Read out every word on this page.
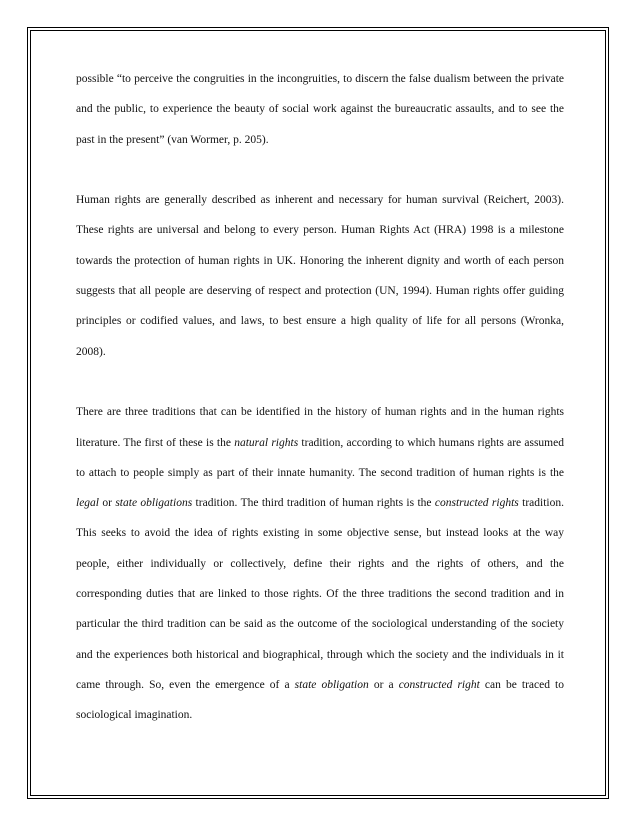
possible “to perceive the congruities in the incongruities, to discern the false dualism between the private and the public, to experience the beauty of social work against the bureaucratic assaults, and to see the past in the present” (van Wormer, p. 205).

Human rights are generally described as inherent and necessary for human survival (Reichert, 2003). These rights are universal and belong to every person. Human Rights Act (HRA) 1998 is a milestone towards the protection of human rights in UK. Honoring the inherent dignity and worth of each person suggests that all people are deserving of respect and protection (UN, 1994). Human rights offer guiding principles or codified values, and laws, to best ensure a high quality of life for all persons (Wronka, 2008).

There are three traditions that can be identified in the history of human rights and in the human rights literature. The first of these is the natural rights tradition, according to which humans rights are assumed to attach to people simply as part of their innate humanity. The second tradition of human rights is the legal or state obligations tradition. The third tradition of human rights is the constructed rights tradition. This seeks to avoid the idea of rights existing in some objective sense, but instead looks at the way people, either individually or collectively, define their rights and the rights of others, and the corresponding duties that are linked to those rights. Of the three traditions the second tradition and in particular the third tradition can be said as the outcome of the sociological understanding of the society and the experiences both historical and biographical, through which the society and the individuals in it came through. So, even the emergence of a state obligation or a constructed right can be traced to sociological imagination.
